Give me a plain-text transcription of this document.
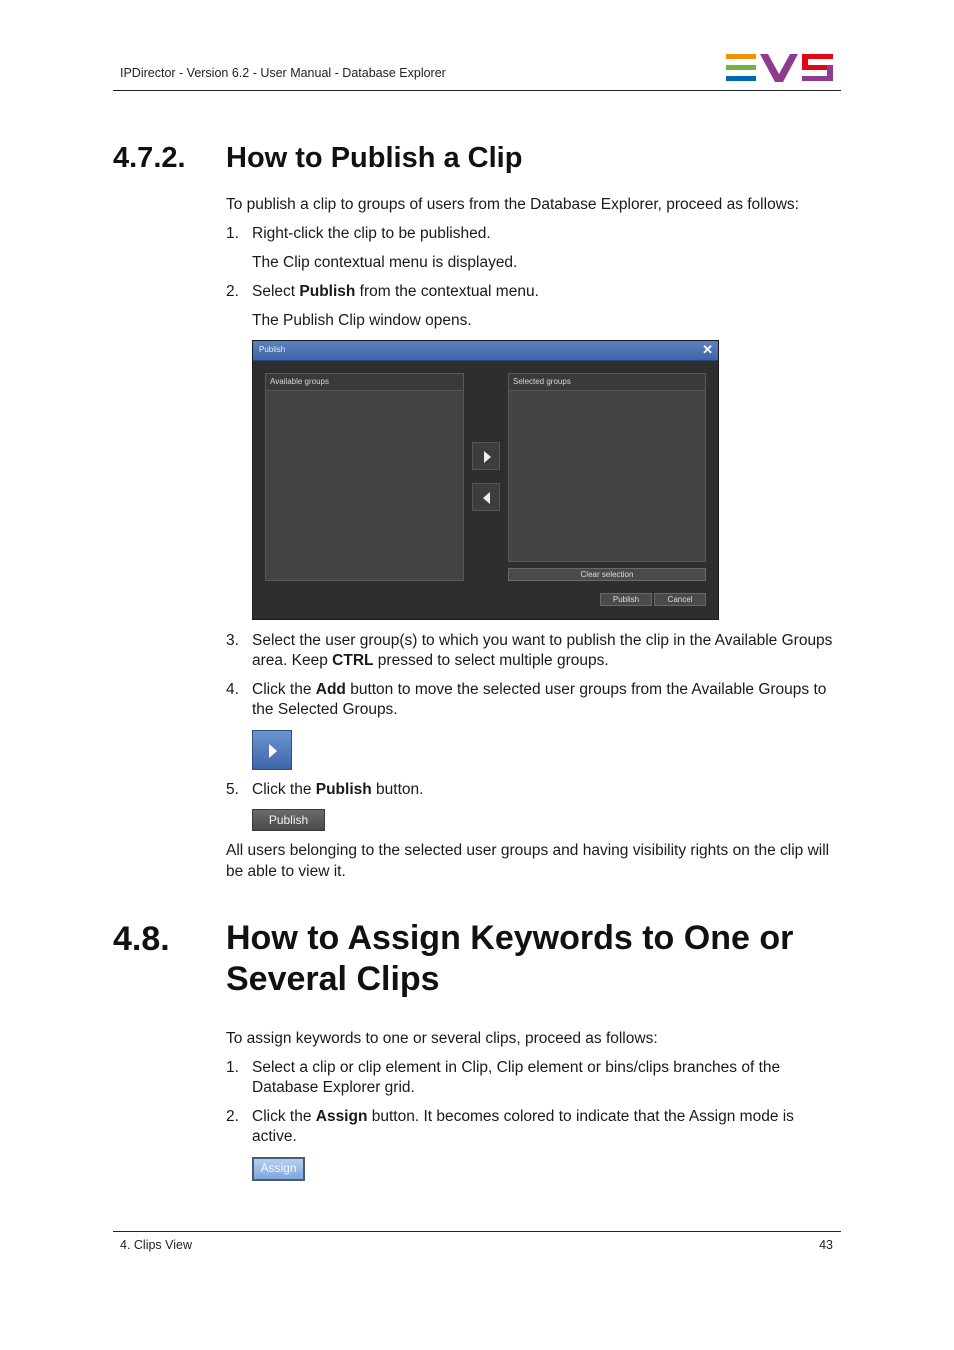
IPDirector - Version 6.2 - User Manual - Database Explorer
4.7.2. How to Publish a Clip
To publish a clip to groups of users from the Database Explorer, proceed as follows:
1. Right-click the clip to be published.
The Clip contextual menu is displayed.
2. Select Publish from the contextual menu.
The Publish Clip window opens.
Publish	✕
Available groups	Selected groups
Clear selection
Publish	Cancel
3. Select the user group(s) to which you want to publish the clip in the Available Groups
area. Keep CTRL pressed to select multiple groups.
4. Click the Add button to move the selected user groups from the Available Groups to
the Selected Groups.
5. Click the Publish button.
Publish
All users belonging to the selected user groups and having visibility rights on the clip will
be able to view it.
4.8. How to Assign Keywords to One or
Several Clips
To assign keywords to one or several clips, proceed as follows:
1. Select a clip or clip element in Clip, Clip element or bins/clips branches of the
Database Explorer grid.
2. Click the Assign button. It becomes colored to indicate that the Assign mode is
active.
Assign
4. Clips View	43
